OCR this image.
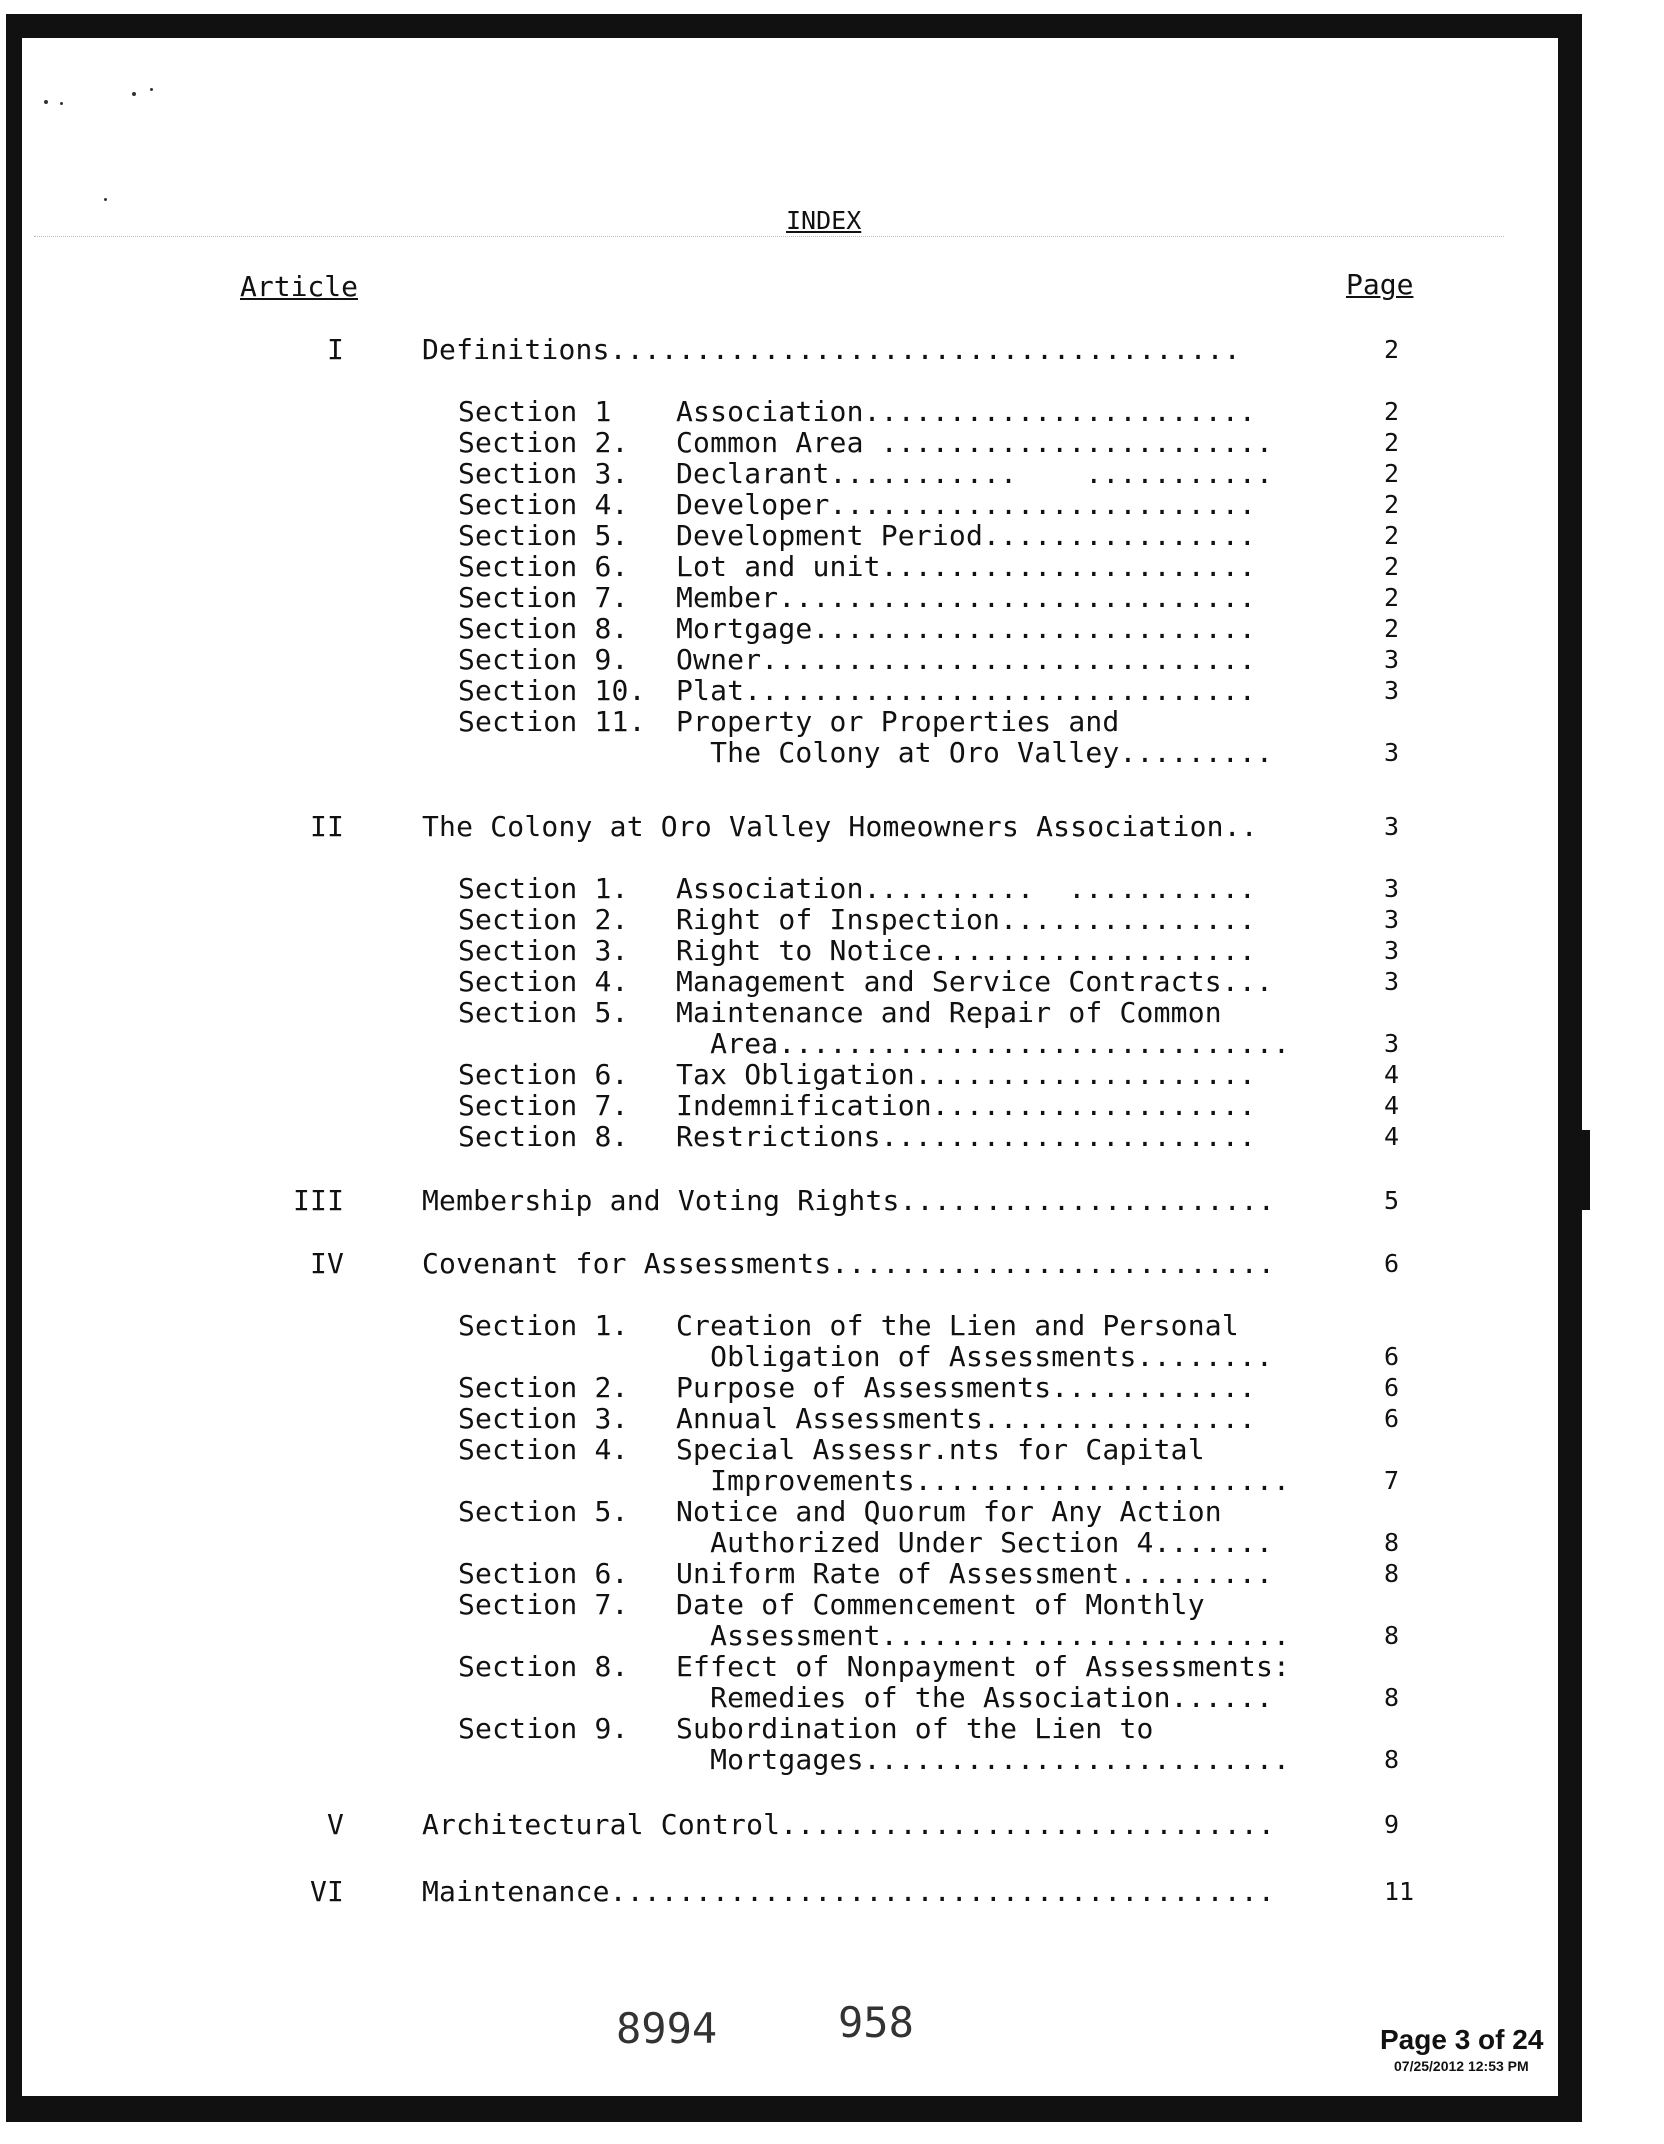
INDEX
Article	Page
I	Definitions.....................................	2
Section 1 Association.......................	2
Section 2. Common Area .......................	2
Section 3. Declarant...........    ...........	2
Section 4. Developer.........................	2
Section 5. Development Period................	2
Section 6. Lot and unit......................	2
Section 7. Member............................	2
Section 8. Mortgage..........................	2
Section 9. Owner.............................	3
Section 10. Plat..............................	3
Section 11. Property or Properties and
The Colony at Oro Valley.........	3
II	The Colony at Oro Valley Homeowners Association..	3
Section 1. Association..........  ...........	3
Section 2. Right of Inspection...............	3
Section 3. Right to Notice...................	3
Section 4. Management and Service Contracts...	3
Section 5. Maintenance and Repair of Common
Area..............................	3
Section 6. Tax Obligation....................	4
Section 7. Indemnification...................	4
Section 8. Restrictions......................	4
III	Membership and Voting Rights......................	5
IV	Covenant for Assessments..........................	6
Section 1. Creation of the Lien and Personal
Obligation of Assessments........	6
Section 2. Purpose of Assessments............	6
Section 3. Annual Assessments................	6
Section 4. Special Assessr.nts for Capital
Improvements......................	7
Section 5. Notice and Quorum for Any Action
Authorized Under Section 4.......	8
Section 6. Uniform Rate of Assessment.........	8
Section 7. Date of Commencement of Monthly
Assessment........................	8
Section 8. Effect of Nonpayment of Assessments:
Remedies of the Association......	8
Section 9. Subordination of the Lien to
Mortgages.........................	8
V	Architectural Control.............................	9
VI	Maintenance.......................................	11
8994	958	Page 3 of 24
07/25/2012 12:53 PM
